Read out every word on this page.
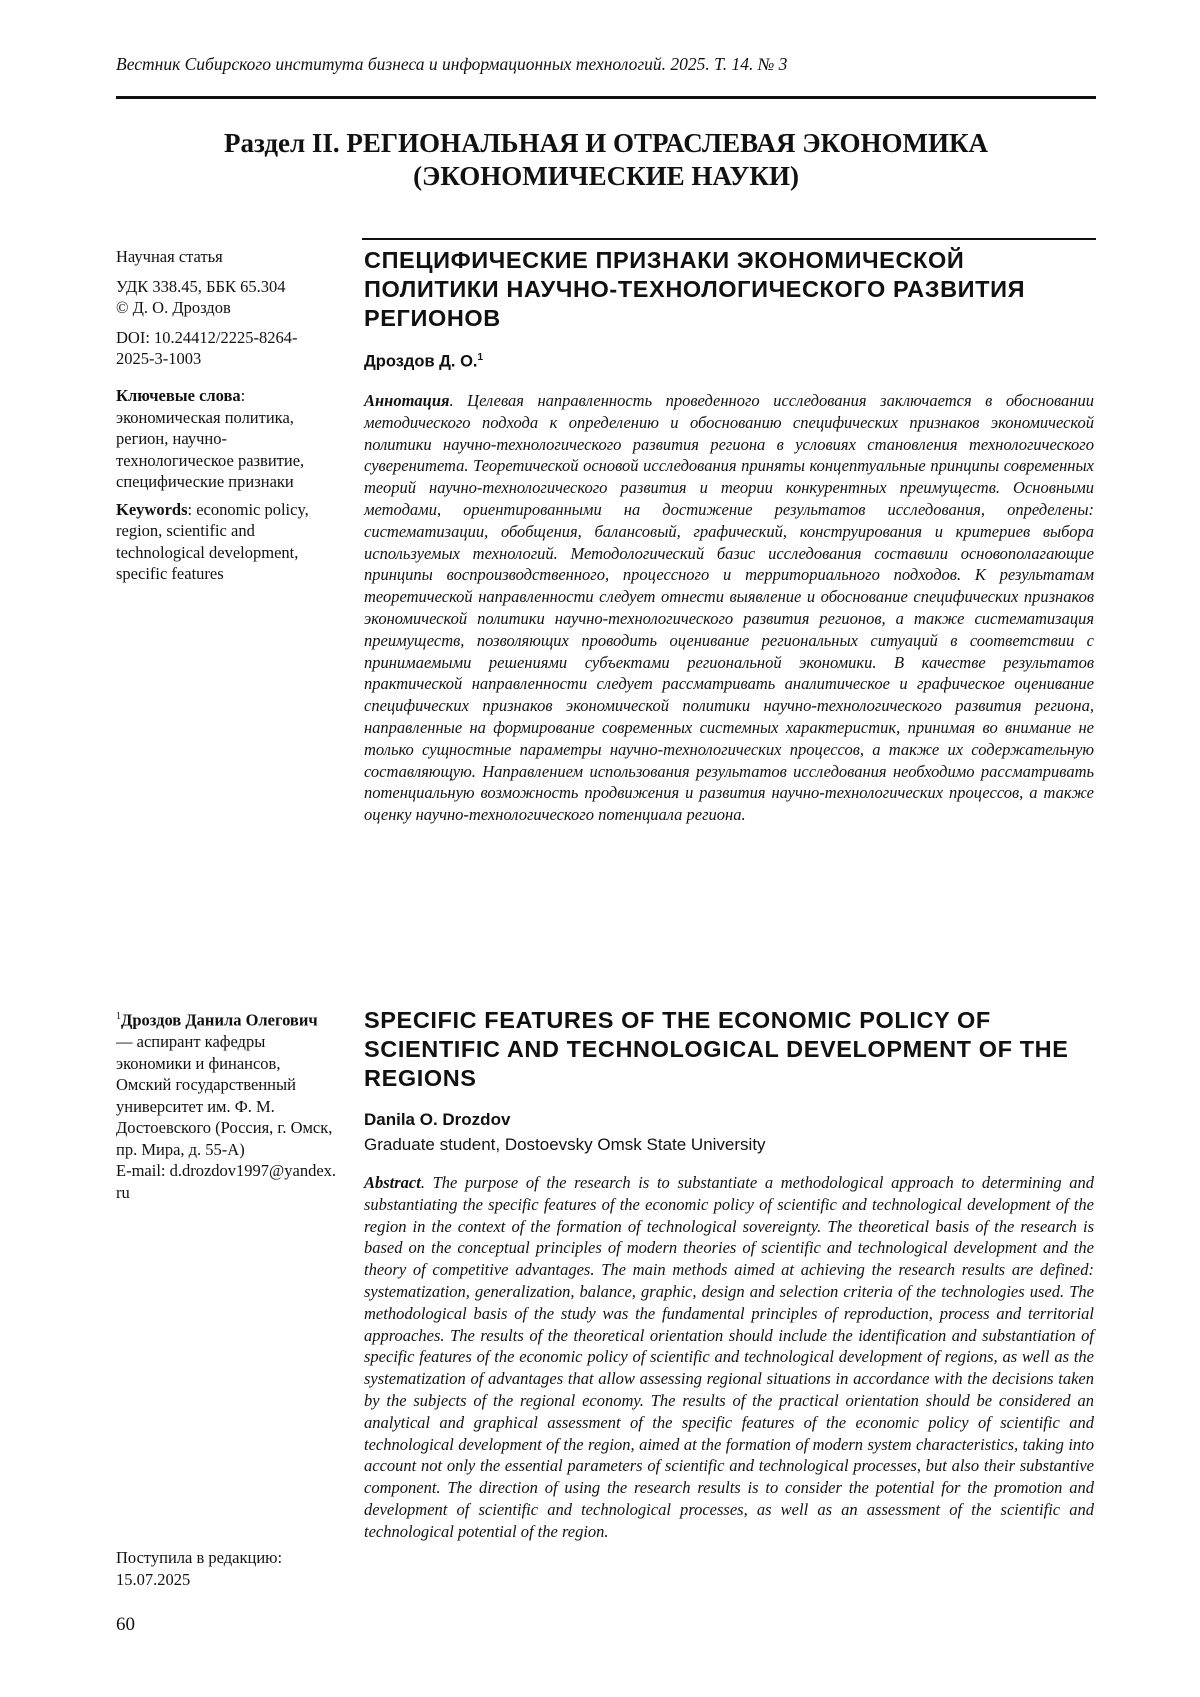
Вестник Сибирского института бизнеса и информационных технологий. 2025. Т. 14. № 3
Раздел II. РЕГИОНАЛЬНАЯ И ОТРАСЛЕВАЯ ЭКОНОМИКА
(ЭКОНОМИЧЕСКИЕ НАУКИ)

Научная статья

УДК 338.45, ББК 65.304

© Д. О. Дроздов

DOI: 10.24412/2225-8264-

2025-3-1003

Ключевые слова: экономическая политика, регион, научно-технологическое развитие, специфические признаки

Keywords: economic policy, region, scientific and technological development, specific features

СПЕЦИФИЧЕСКИЕ ПРИЗНАКИ ЭКОНОМИЧЕСКОЙ ПОЛИТИКИ НАУЧНО-ТЕХНОЛОГИЧЕСКОГО РАЗВИТИЯ РЕГИОНОВ
Дроздов Д. О.1
Аннотация. Целевая направленность проведенного исследования заключается в обосновании методического подхода к определению и обоснованию специфических признаков экономической политики научно-технологического развития региона в условиях становления технологического суверенитета. Теоретической основой исследования приняты концептуальные принципы современных теорий научно-технологического развития и теории конкурентных преимуществ. Основными методами, ориентированными на достижение результатов исследования, определены: систематизации, обобщения, балансовый, графический, конструирования и критериев выбора используемых технологий. Методологический базис исследования составили основополагающие принципы воспроизводственного, процессного и территориального подходов. К результатам теоретической направленности следует отнести выявление и обоснование специфических признаков экономической политики научно-технологического развития регионов, а также систематизация преимуществ, позволяющих проводить оценивание региональных ситуаций в соответствии с принимаемыми решениями субъектами региональной экономики. В качестве результатов практической направленности следует рассматривать аналитическое и графическое оценивание специфических признаков экономической политики научно-технологического развития региона, направленные на формирование современных системных характеристик, принимая во внимание не только сущностные параметры научно-технологических процессов, а также их содержательную составляющую. Направлением использования результатов исследования необходимо рассматривать потенциальную возможность продвижения и развития научно-технологических процессов, а также оценку научно-технологического потенциала региона.

1Дроздов Данила Олегович — аспирант кафедры экономики и финансов, Омский государственный университет им. Ф. М. Достоевского (Россия, г. Омск, пр. Мира, д. 55-А)

E-mail: d.drozdov1997@yandex.ru

SPECIFIC FEATURES OF THE ECONOMIC POLICY OF SCIENTIFIC AND TECHNOLOGICAL DEVELOPMENT OF THE REGIONS
Danila O. Drozdov
Graduate student, Dostoevsky Omsk State University
Abstract. The purpose of the research is to substantiate a methodological approach to determining and substantiating the specific features of the economic policy of scientific and technological development of the region in the context of the formation of technological sovereignty. The theoretical basis of the research is based on the conceptual principles of modern theories of scientific and technological development and the theory of competitive advantages. The main methods aimed at achieving the research results are defined: systematization, generalization, balance, graphic, design and selection criteria of the technologies used. The methodological basis of the study was the fundamental principles of reproduction, process and territorial approaches. The results of the theoretical orientation should include the identification and substantiation of specific features of the economic policy of scientific and technological development of regions, as well as the systematization of advantages that allow assessing regional situations in accordance with the decisions taken by the subjects of the regional economy. The results of the practical orientation should be considered an analytical and graphical assessment of the specific features of the economic policy of scientific and technological development of the region, aimed at the formation of modern system characteristics, taking into account not only the essential parameters of scientific and technological processes, but also their substantive component. The direction of using the research results is to consider the potential for the promotion and development of scientific and technological processes, as well as an assessment of the scientific and technological potential of the region.

Поступила в редакцию:

15.07.2025

60
